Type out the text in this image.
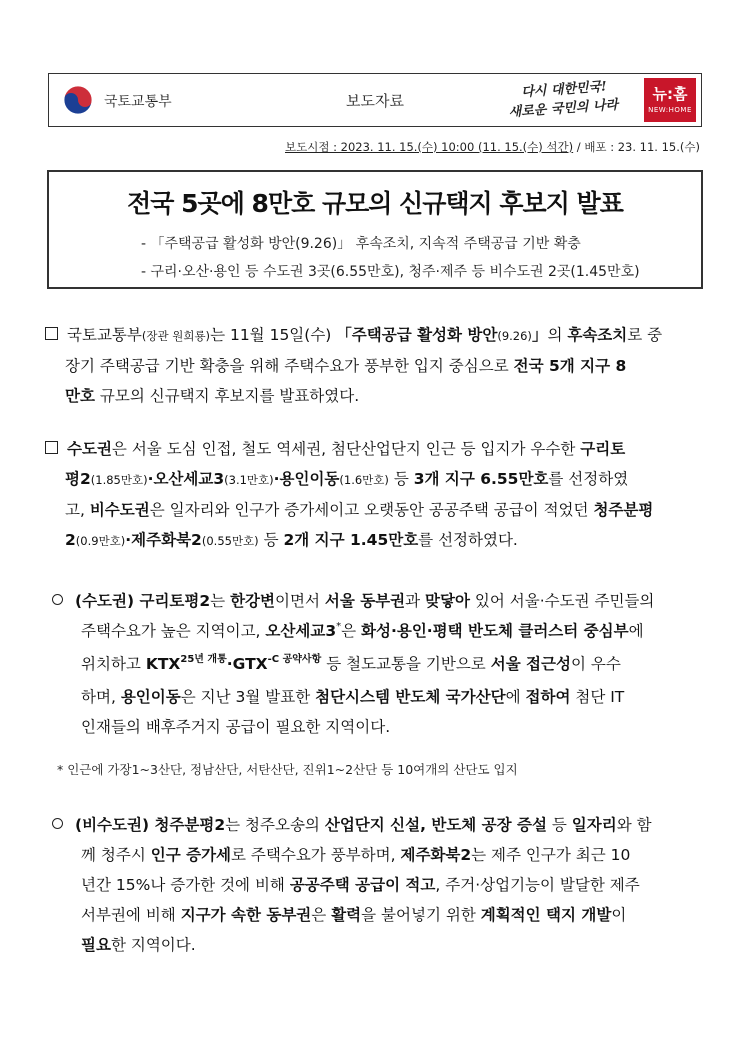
국토교통부	보도자료
다시 대한민국!
새로운 국민의 나라
뉴:홈
NEW:HOME
보도시점 : 2023. 11. 15.(수) 10:00 (11. 15.(수) 석간) / 배포 : 23. 11. 15.(수)
전국 5곳에 8만호 규모의 신규택지 후보지 발표
- 「주택공급 활성화 방안(9.26)」 후속조치, 지속적 주택공급 기반 확충
- 구리·오산·용인 등 수도권 3곳(6.55만호), 청주·제주 등 비수도권 2곳(1.45만호)
국토교통부(장관 원희룡)는 11월 15일(수) 「주택공급 활성화 방안(9.26)」의 후속조치로 중
장기 주택공급 기반 확충을 위해 주택수요가 풍부한 입지 중심으로 전국 5개 지구 8
만호 규모의 신규택지 후보지를 발표하였다.
수도권은 서울 도심 인접, 철도 역세권, 첨단산업단지 인근 등 입지가 우수한 구리토
평2(1.85만호)·오산세교3(3.1만호)·용인이동(1.6만호) 등 3개 지구 6.55만호를 선정하였
고, 비수도권은 일자리와 인구가 증가세이고 오랫동안 공공주택 공급이 적었던 청주분평
2(0.9만호)·제주화북2(0.55만호) 등 2개 지구 1.45만호를 선정하였다.
(수도권) 구리토평2는 한강변이면서 서울 동부권과 맞닿아 있어 서울·수도권 주민들의
주택수요가 높은 지역이고, 오산세교3*은 화성·용인·평택 반도체 클러스터 중심부에
위치하고 $KTX^{25년 개통}\cdot GTX^{-C 공약사항}$ 등 철도교통을 기반으로 서울 접근성이 우수
하며, 용인이동은 지난 3월 발표한 첨단시스템 반도체 국가산단에 접하여 첨단 IT
인재들의 배후주거지 공급이 필요한 지역이다.
* 인근에 가장1~3산단, 정남산단, 서탄산단, 진위1~2산단 등 10여개의 산단도 입지
(비수도권) 청주분평2는 청주오송의 산업단지 신설, 반도체 공장 증설 등 일자리와 함
께 청주시 인구 증가세로 주택수요가 풍부하며, 제주화북2는 제주 인구가 최근 10
년간 15%나 증가한 것에 비해 공공주택 공급이 적고, 주거·상업기능이 발달한 제주
서부권에 비해 지구가 속한 동부권은 활력을 불어넣기 위한 계획적인 택지 개발이
필요한 지역이다.
